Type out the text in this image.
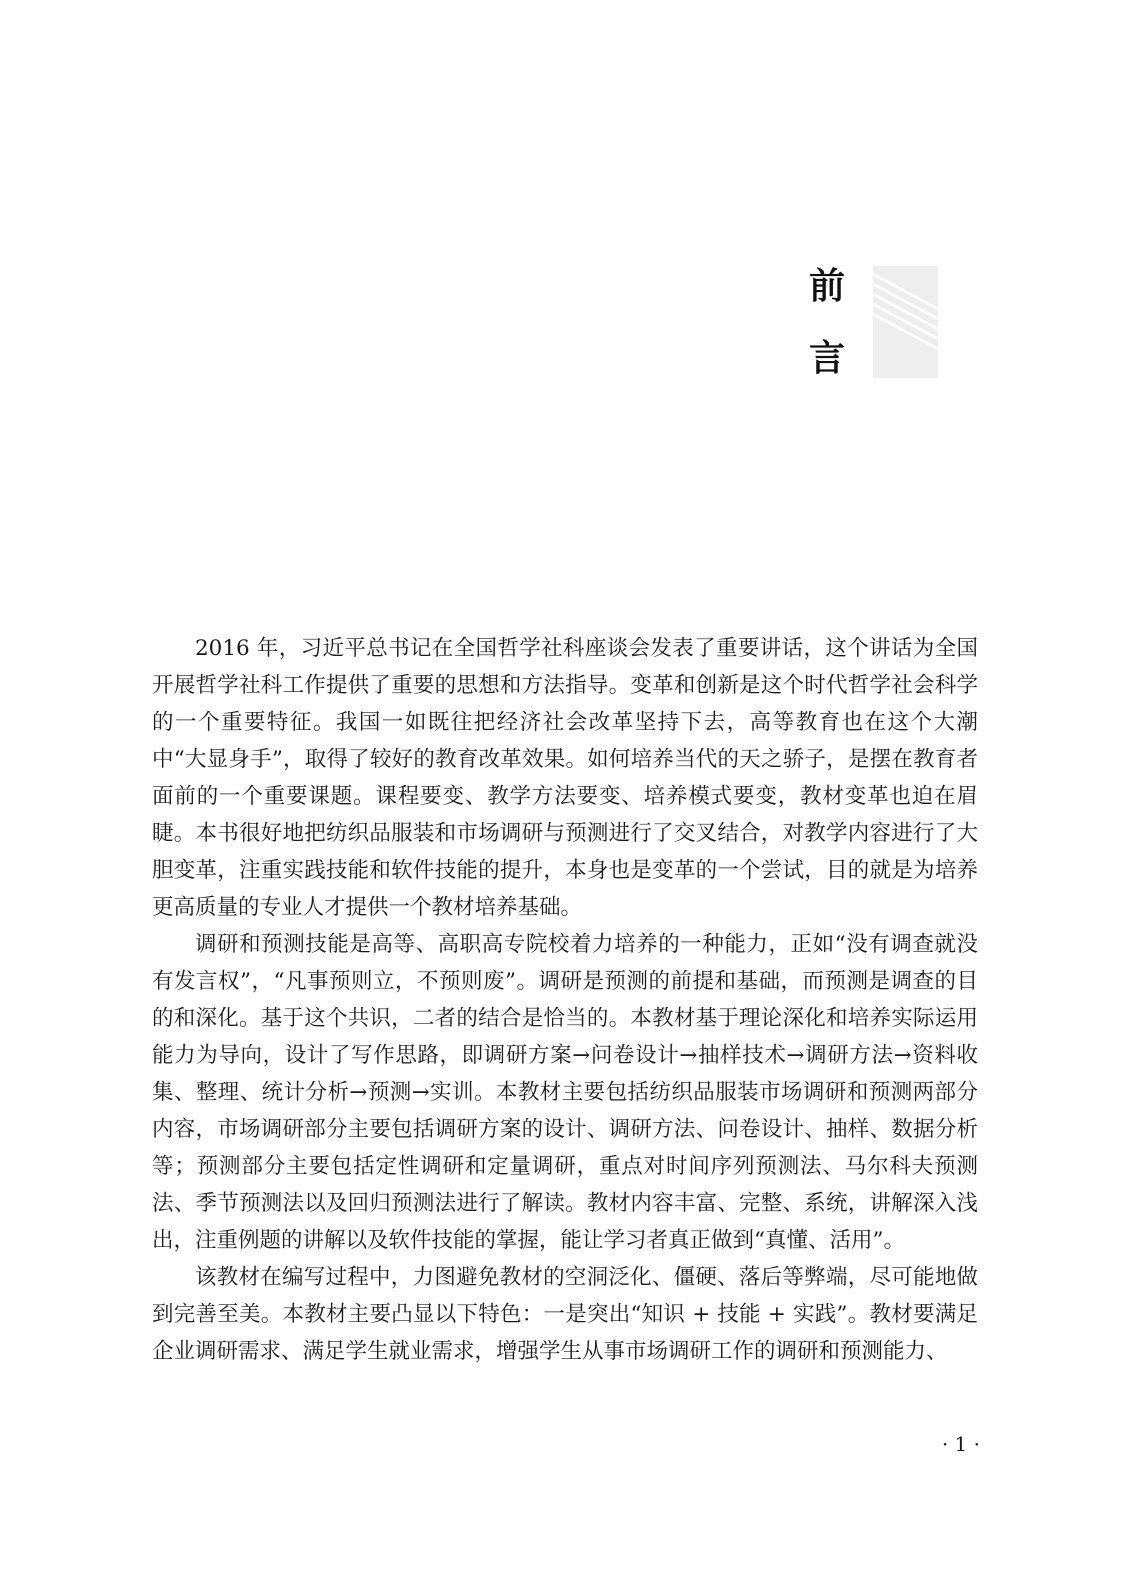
前
言

2016 年，习近平总书记在全国哲学社科座谈会发表了重要讲话，这个讲话为全国开展哲学社科工作提供了重要的思想和方法指导。变革和创新是这个时代哲学社会科学的一个重要特征。我国一如既往把经济社会改革坚持下去，高等教育也在这个大潮中“大显身手”，取得了较好的教育改革效果。如何培养当代的天之骄子，是摆在教育者面前的一个重要课题。课程要变、教学方法要变、培养模式要变，教材变革也迫在眉睫。本书很好地把纺织品服装和市场调研与预测进行了交叉结合，对教学内容进行了大胆变革，注重实践技能和软件技能的提升，本身也是变革的一个尝试，目的就是为培养更高质量的专业人才提供一个教材培养基础。

调研和预测技能是高等、高职高专院校着力培养的一种能力，正如“没有调查就没有发言权”，“凡事预则立，不预则废”。调研是预测的前提和基础，而预测是调查的目的和深化。基于这个共识，二者的结合是恰当的。本教材基于理论深化和培养实际运用能力为导向，设计了写作思路，即调研方案→问卷设计→抽样技术→调研方法→资料收集、整理、统计分析→预测→实训。本教材主要包括纺织品服装市场调研和预测两部分内容，市场调研部分主要包括调研方案的设计、调研方法、问卷设计、抽样、数据分析等；预测部分主要包括定性调研和定量调研，重点对时间序列预测法、马尔科夫预测法、季节预测法以及回归预测法进行了解读。教材内容丰富、完整、系统，讲解深入浅出，注重例题的讲解以及软件技能的掌握，能让学习者真正做到“真懂、活用”。

该教材在编写过程中，力图避免教材的空洞泛化、僵硬、落后等弊端，尽可能地做到完善至美。本教材主要凸显以下特色：一是突出“知识 + 技能 + 实践”。教材要满足企业调研需求、满足学生就业需求，增强学生从事市场调研工作的调研和预测能力、

· 1 ·
